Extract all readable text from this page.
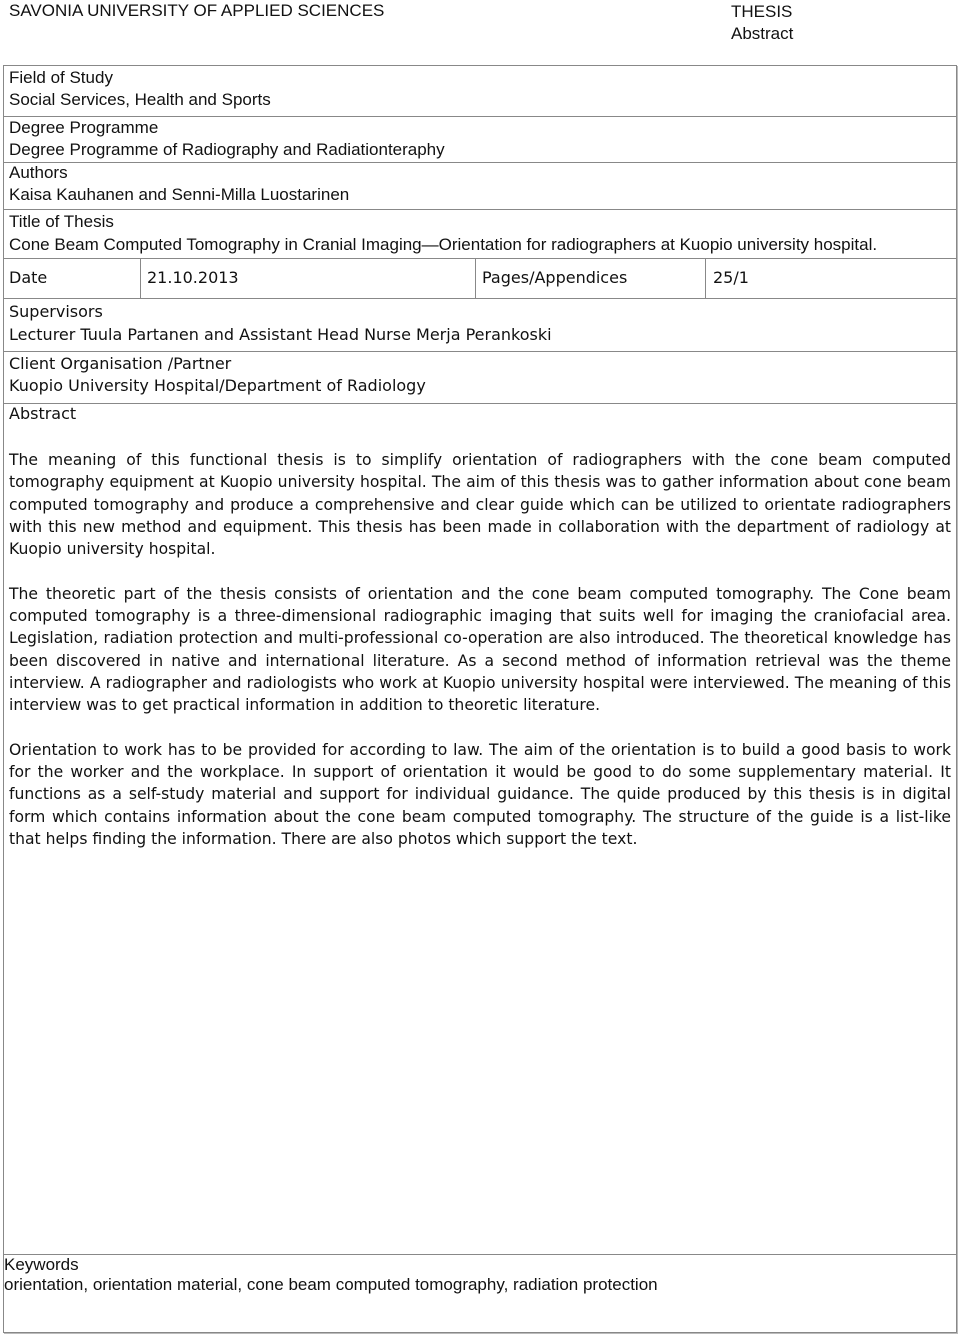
SAVONIA UNIVERSITY OF APPLIED SCIENCES	THESIS
Abstract
Field of Study
Social Services, Health and Sports
Degree Programme
Degree Programme of Radiography and Radiationteraphy
Authors
Kaisa Kauhanen and Senni-Milla Luostarinen
Title of Thesis
Cone Beam Computed Tomography in Cranial Imaging—Orientation for radiographers at Kuopio university hospital.
Date	21.10.2013	Pages/Appendices	25/1
Supervisors
Lecturer Tuula Partanen and Assistant Head Nurse Merja Perankoski
Client Organisation /Partner
Kuopio University Hospital/Department of Radiology
Abstract

The meaning of this functional thesis is to simplify orientation of radiographers with the cone beam computed tomography equipment at Kuopio university hospital. The aim of this thesis was to gather information about cone beam computed tomography and produce a comprehensive and clear guide which can be utilized to orientate radiographers with this new method and equipment. This thesis has been made in collaboration with the department of radiology at Kuopio university hospital.

The theoretic part of the thesis consists of orientation and the cone beam computed tomography. The Cone beam computed tomography is a three-dimensional radiographic imaging that suits well for imaging the craniofacial area. Legislation, radiation protection and multi-professional co-operation are also introduced. The theoretical knowledge has been discovered in native and international literature. As a second method of information retrieval was the theme interview. A radiographer and radiologists who work at Kuopio university hospital were interviewed. The meaning of this interview was to get practical information in addition to theoretic literature.

Orientation to work has to be provided for according to law. The aim of the orientation is to build a good basis to work for the worker and the workplace. In support of orientation it would be good to do some supplementary material. It functions as a self-study material and support for individual guidance. The quide produced by this thesis is in digital form which contains information about the cone beam computed tomography. The structure of the guide is a list-like that helps finding the information. There are also photos which support the text.

Keywords
orientation, orientation material, cone beam computed tomography, radiation protection
